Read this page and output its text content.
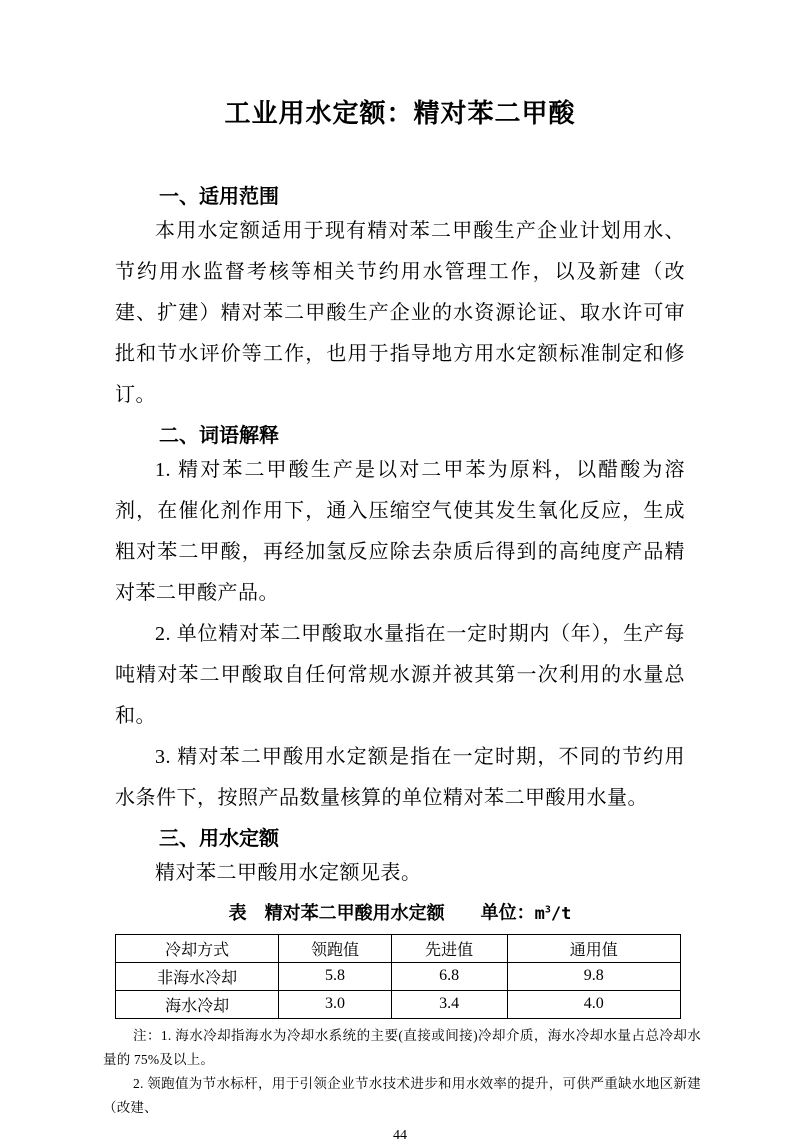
工业用水定额：精对苯二甲酸
一、适用范围

本用水定额适用于现有精对苯二甲酸生产企业计划用水、节约用水监督考核等相关节约用水管理工作，以及新建（改建、扩建）精对苯二甲酸生产企业的水资源论证、取水许可审批和节水评价等工作，也用于指导地方用水定额标准制定和修订。

二、词语解释

1. 精对苯二甲酸生产是以对二甲苯为原料，以醋酸为溶剂，在催化剂作用下，通入压缩空气使其发生氧化反应，生成粗对苯二甲酸，再经加氢反应除去杂质后得到的高纯度产品精对苯二甲酸产品。

2. 单位精对苯二甲酸取水量指在一定时期内（年），生产每吨精对苯二甲酸取自任何常规水源并被其第一次利用的水量总和。

3. 精对苯二甲酸用水定额是指在一定时期，不同的节约用水条件下，按照产品数量核算的单位精对苯二甲酸用水量。

三、用水定额

精对苯二甲酸用水定额见表。

表 精对苯二甲酸用水定额 单位：$m^3/t$
冷却方式	领跑值	先进值	通用值
非海水冷却	5.8	6.8	9.8
海水冷却	3.0	3.4	4.0

注：1. 海水冷却指海水为冷却水系统的主要(直接或间接)冷却介质，海水冷却水量占总冷却水量的 75%及以上。

2. 领跑值为节水标杆，用于引领企业节水技术进步和用水效率的提升，可供严重缺水地区新建（改建、

44
